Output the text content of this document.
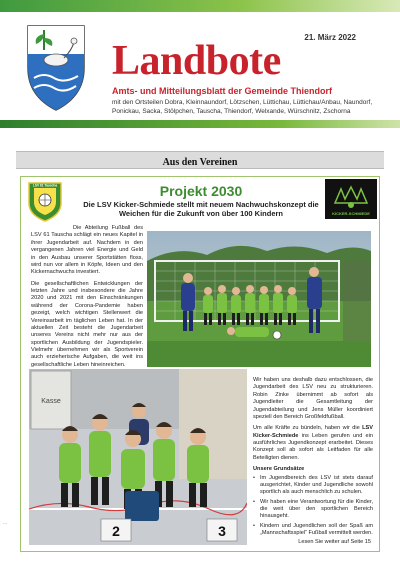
21. März 2022
Landbote
Amts- und Mitteilungsblatt der Gemeinde Thiendorf
mit den Ortsteilen Dobra, Kleinnaundorf, Lötzschen, Lüttichau, Lüttichau/Anbau, Naundorf, Ponickau, Sacka, Stölpchen, Tauscha, Thiendorf, Welxande, Würschnitz, Zschorna
Aus den Vereinen
LSV 61 Tauscha	Projekt 2030
Die LSV Kicker-Schmiede stellt mit neuem Nachwuchskonzept die Weichen für die Zukunft von über 100 Kindern	KICKER-SCHMIEDE

Die Abteilung Fußball des LSV 61 Tauscha schlägt ein neues Kapitel in ihrer Jugendarbeit auf. Nachdem in den vergangenen Jahren viel Energie und Geld in den Ausbau unserer Sportstätten floss, wird nun vor allem in Köpfe, Ideen und den Kickernachwuchs investiert.

Die gesellschaftlichen Entwicklungen der letzten Jahre und insbesondere die Jahre 2020 und 2021 mit den Einschränkungen während der Corona-Pandemie haben gezeigt, welch wichtigen Stellenwert die Vereinsarbeit im täglichen Leben hat. In der aktuellen Zeit besteht die Jugendarbeit unseres Vereins nicht mehr nur aus der sportlichen Ausbildung der Jugendspieler. Vielmehr übernehmen wir als Sportverein auch erzieherische Aufgaben, die weit ins gesellschaftliche Leben hineinreichen.

Kasse
2	3

Wir haben uns deshalb dazu entschlossen, die Jugendarbeit des LSV neu zu strukturieren. Robin Zinke übernimmt ab sofort als Jugendleiter die Gesamtleitung der Jugendabteilung und Jens Müller koordiniert speziell den Bereich Großfeldfußball.

Um alle Kräfte zu bündeln, haben wir die LSV Kicker-Schmiede ins Leben gerufen und ein ausführliches Jugendkonzept erarbeitet. Dieses Konzept soll ab sofort als Leitfaden für alle Beteiligten dienen.

Unsere Grundsätze
• Im Jugendbereich des LSV ist stets darauf ausgerichtet, Kinder und Jugendliche sowohl sportlich als auch menschlich zu schulen.
• Wir haben eine Verantwortung für die Kinder, die weit über den sportlichen Bereich hinausgeht.
• Kindern und Jugendlichen soll der Spaß am „Mannschaftsspiel“ Fußball vermittelt werden.
Lesen Sie weiter auf Seite 15
...
